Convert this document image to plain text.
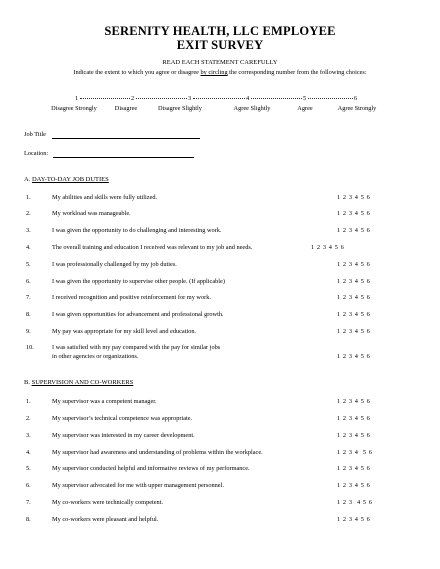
SERENITY HEALTH, LLC EMPLOYEE
EXIT SURVEY
READ EACH STATEMENT CAREFULLY
Indicate the extent to which you agree or disagree by circling the corresponding number from the following choices:
1	2	3	4	5	6
Disagree Strongly	Disagree	Disagree Slightly	Agree Slightly	Agree	Agree Strongly
Job Title
Location:
A. DAY-TO-DAY JOB DUTIES
1.	My abilities and skills were fully utilized.	1 2 3 4 5 6
2.	My workload was manageable.	1 2 3 4 5 6
3.	I was given the opportunity to do challenging and interesting work.	1 2 3 4 5 6
4.	The overall training and education I received was relevant to my job and needs.	1 2 3 4 5 6
5.	I was professionally challenged by my job duties.	1 2 3 4 5 6
6.	I was given the opportunity to supervise other people. (If applicable)	1 2 3 4 5 6
7.	I received recognition and positive reinforcement for my work.	1 2 3 4 5 6
8.	I was given opportunities for advancement and professional growth.	1 2 3 4 5 6
9.	My pay was appropriate for my skill level and education.	1 2 3 4 5 6
10.	I was satisfied with my pay compared with the pay for similar jobs
in other agencies or organizations.	1 2 3 4 5 6
B. SUPERVISION AND CO-WORKERS
1.	My supervisor was a competent manager.	1 2 3 4 5 6
2.	My supervisor’s technical competence was appropriate.	1 2 3 4 5 6
3.	My supervisor was interested in my career development.	1 2 3 4 5 6
4.	My supervisor had awareness and understanding of problems within the workplace.	1 2 3 4  5 6
5.	My supervisor conducted helpful and informative reviews of my performance.	1 2 3 4 5 6
6.	My supervisor advocated for me with upper management personnel.	1 2 3 4 5 6
7.	My co-workers were technically competent.	1 2 3  4 5 6
8.	My co-workers were pleasant and helpful.	1 2 3 4 5 6
